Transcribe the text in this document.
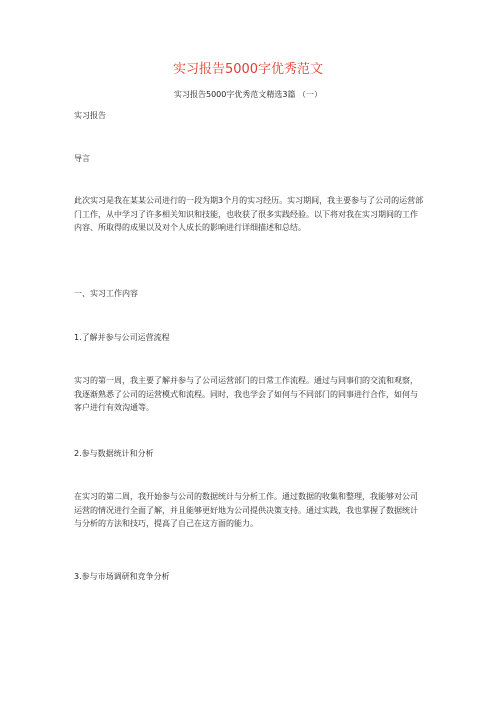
实习报告5000字优秀范文
实习报告5000字优秀范文精选3篇 （一）

实习报告

导言

此次实习是我在某某公司进行的一段为期3个月的实习经历。实习期间，我主要参与了公司的运营部门工作，从中学习了许多相关知识和技能，也收获了很多实践经验。以下将对我在实习期间的工作内容、所取得的成果以及对个人成长的影响进行详细描述和总结。

一、实习工作内容

1.了解并参与公司运营流程

实习的第一周，我主要了解并参与了公司运营部门的日常工作流程。通过与同事们的交流和观察，我逐渐熟悉了公司的运营模式和流程。同时，我也学会了如何与不同部门的同事进行合作，如何与客户进行有效沟通等。

2.参与数据统计和分析

在实习的第二周，我开始参与公司的数据统计与分析工作。通过数据的收集和整理，我能够对公司运营的情况进行全面了解，并且能够更好地为公司提供决策支持。通过实践，我也掌握了数据统计与分析的方法和技巧，提高了自己在这方面的能力。

3.参与市场调研和竞争分析
